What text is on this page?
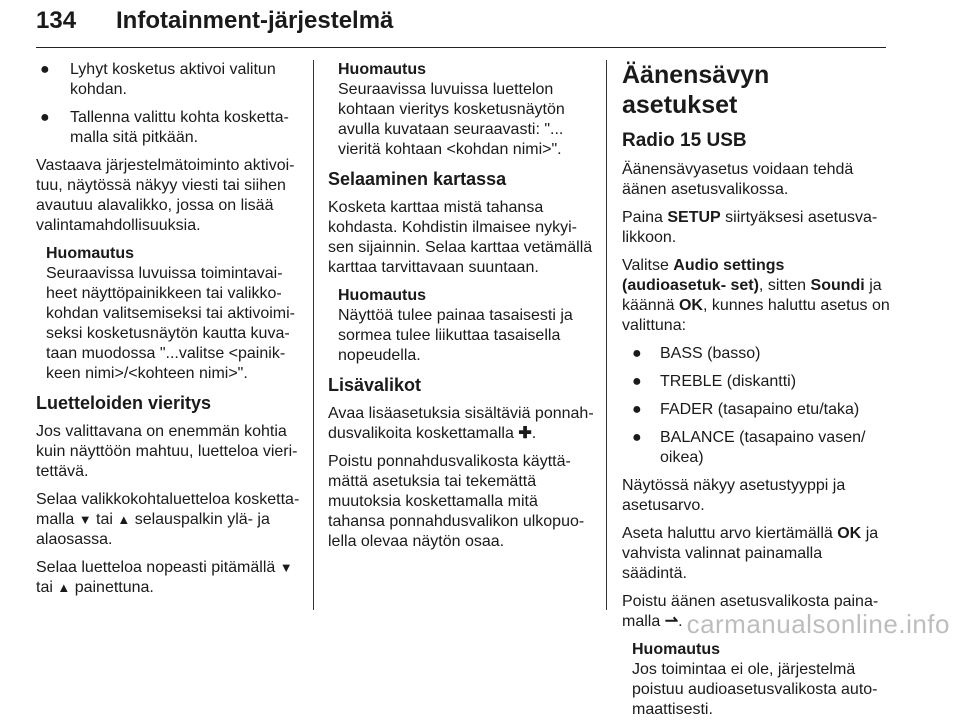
134 Infotainment-järjestelmä
●	Lyhyt kosketus aktivoi valitun kohdan.
●	Tallenna valittu kohta kosketta- malla sitä pitkään.

Vastaava järjestelmätoiminto aktivoi- tuu, näytössä näkyy viesti tai siihen avautuu alavalikko, jossa on lisää valintamahdollisuuksia.

Huomautus
Seuraavissa luvuissa toimintavai- heet näyttöpainikkeen tai valikko- kohdan valitsemiseksi tai aktivoimi- seksi kosketusnäytön kautta kuva- taan muodossa "...valitse <painik- keen nimi>/<kohteen nimi>".
Luetteloiden vieritys

Jos valittavana on enemmän kohtia kuin näyttöön mahtuu, luetteloa vieri- tettävä.

Selaa valikkokohtaluetteloa kosketta- malla ▼ tai ▲ selauspalkin ylä- ja alaosassa.

Selaa luetteloa nopeasti pitämällä ▼ tai ▲ painettuna.

Huomautus
Seuraavissa luvuissa luettelon kohtaan vieritys kosketusnäytön avulla kuvataan seuraavasti: "... vieritä kohtaan <kohdan nimi>".
Selaaminen kartassa

Kosketa karttaa mistä tahansa kohdasta. Kohdistin ilmaisee nykyi- sen sijainnin. Selaa karttaa vetämällä karttaa tarvittavaan suuntaan.

Huomautus
Näyttöä tulee painaa tasaisesti ja sormea tulee liikuttaa tasaisella nopeudella.
Lisävalikot

Avaa lisäasetuksia sisältäviä ponnah- dusvalikoita koskettamalla ✚.

Poistu ponnahdusvalikosta käyttä- mättä asetuksia tai tekemättä muutoksia koskettamalla mitä tahansa ponnahdusvalikon ulkopuo- lella olevaa näytön osaa.

Äänensävyn asetukset
Radio 15 USB

Äänensävyasetus voidaan tehdä äänen asetusvalikossa.

Paina SETUP siirtyäksesi asetusva- likkoon.

Valitse Audio settings (audioasetuk- set), sitten Soundi ja käännä OK, kunnes haluttu asetus on valittuna:

●	BASS (basso)
●	TREBLE (diskantti)
●	FADER (tasapaino etu/taka)
●	BALANCE (tasapaino vasen/ oikea)

Näytössä näkyy asetustyyppi ja asetusarvo.

Aseta haluttu arvo kiertämällä OK ja vahvista valinnat painamalla säädintä.

Poistu äänen asetusvalikosta paina- malla ⇀.

Huomautus
Jos toimintaa ei ole, järjestelmä poistuu audioasetusvalikosta auto- maattisesti.
carmanualsonline.info
